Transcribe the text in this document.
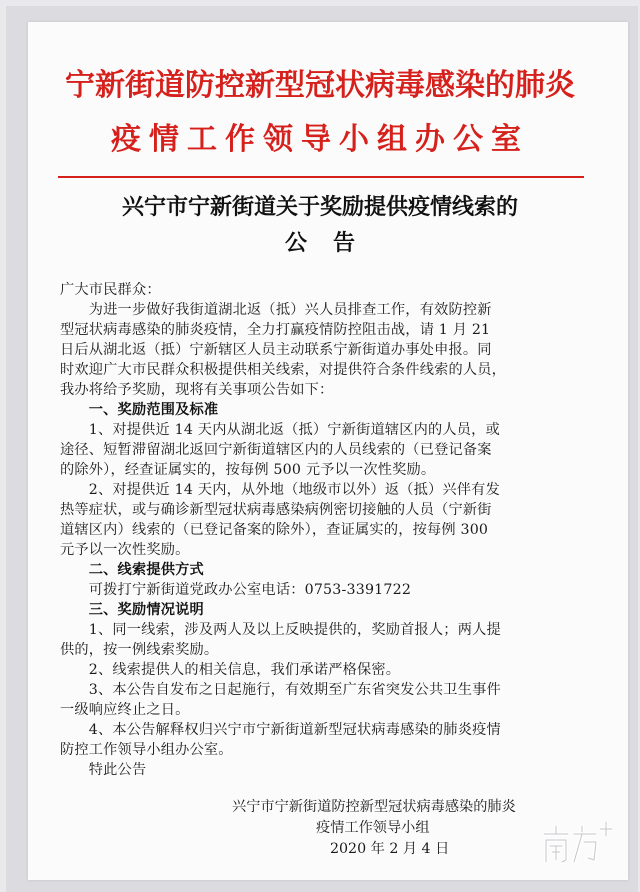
宁新街道防控新型冠状病毒感染的肺炎
疫情工作领导小组办公室
兴宁市宁新街道关于奖励提供疫情线索的
公告
广大市民群众：
　　为进一步做好我街道湖北返（抵）兴人员排查工作，有效防控新
型冠状病毒感染的肺炎疫情，全力打赢疫情防控阻击战，请 1 月 21
日后从湖北返（抵）宁新辖区人员主动联系宁新街道办事处申报。同
时欢迎广大市民群众积极提供相关线索，对提供符合条件线索的人员，
我办将给予奖励，现将有关事项公告如下：
　　一、奖励范围及标准
　　1、对提供近 14 天内从湖北返（抵）宁新街道辖区内的人员，或
途径、短暂滞留湖北返回宁新街道辖区内的人员线索的（已登记备案
的除外），经查证属实的，按每例 500 元予以一次性奖励。
　　2、对提供近 14 天内，从外地（地级市以外）返（抵）兴伴有发
热等症状，或与确诊新型冠状病毒感染病例密切接触的人员（宁新街
道辖区内）线索的（已登记备案的除外），查证属实的，按每例 300
元予以一次性奖励。
　　二、线索提供方式
　　可拨打宁新街道党政办公室电话：0753-3391722
　　三、奖励情况说明
　　1、同一线索，涉及两人及以上反映提供的，奖励首报人；两人提
供的，按一例线索奖励。
　　2、线索提供人的相关信息，我们承诺严格保密。
　　3、本公告自发布之日起施行，有效期至广东省突发公共卫生事件
一级响应终止之日。
　　4、本公告解释权归兴宁市宁新街道新型冠状病毒感染的肺炎疫情
防控工作领导小组办公室。
　　特此公告
兴宁市宁新街道防控新型冠状病毒感染的肺炎
疫情工作领导小组
2020 年 2 月 4 日
